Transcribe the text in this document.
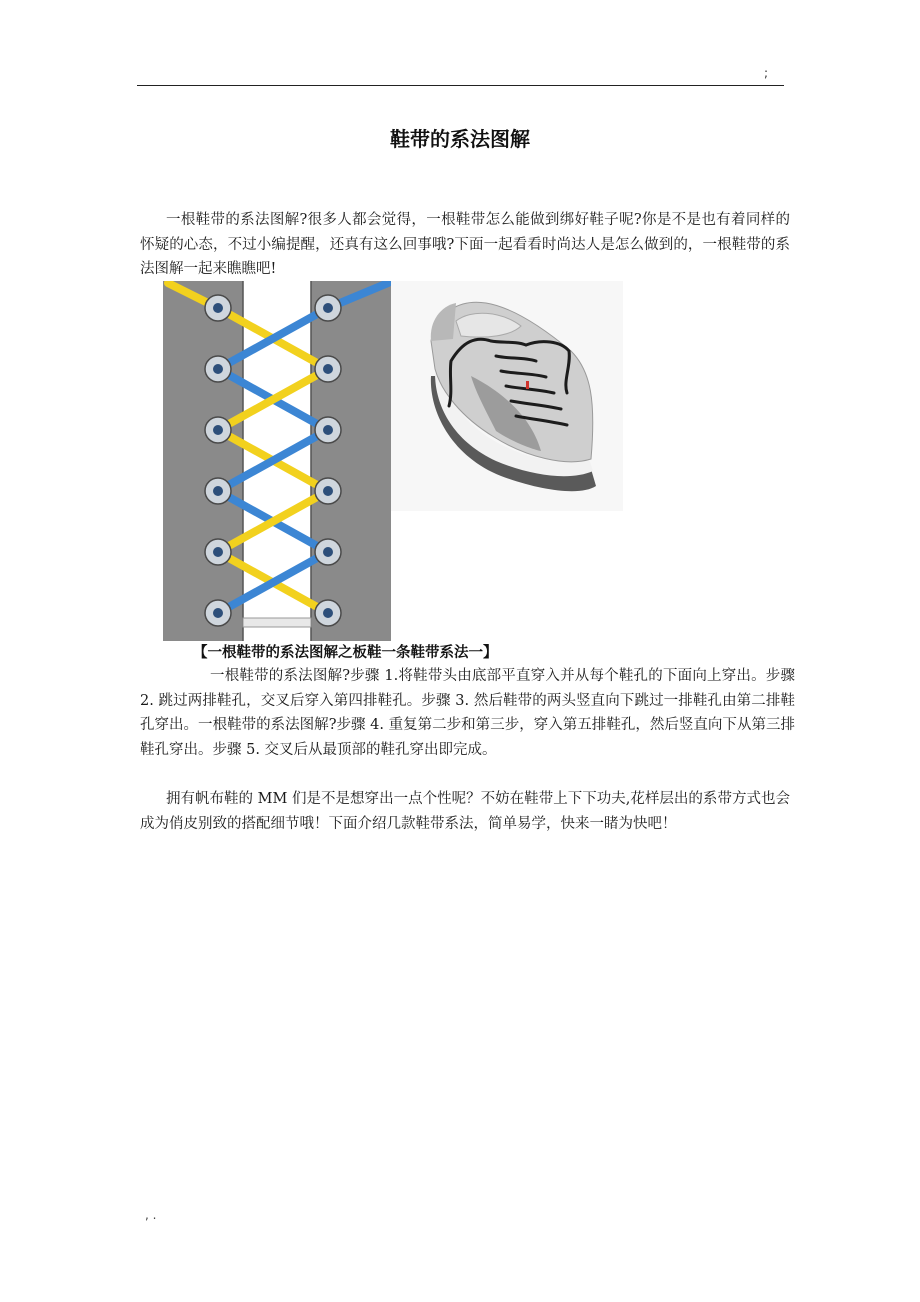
;
鞋带的系法图解
一根鞋带的系法图解?很多人都会觉得，一根鞋带怎么能做到绑好鞋子呢?你是不是也有着同样的怀疑的心态，不过小编提醒，还真有这么回事哦?下面一起看看时尚达人是怎么做到的，一根鞋带的系法图解一起来瞧瞧吧!
【一根鞋带的系法图解之板鞋一条鞋带系法一】
一根鞋带的系法图解?步骤 1.将鞋带头由底部平直穿入并从每个鞋孔的下面向上穿出。步骤 2. 跳过两排鞋孔，交叉后穿入第四排鞋孔。步骤 3. 然后鞋带的两头竖直向下跳过一排鞋孔由第二排鞋孔穿出。一根鞋带的系法图解?步骤 4. 重复第二步和第三步，穿入第五排鞋孔，然后竖直向下从第三排鞋孔穿出。步骤 5. 交叉后从最顶部的鞋孔穿出即完成。
拥有帆布鞋的 MM 们是不是想穿出一点个性呢？不妨在鞋带上下下功夫,花样层出的系带方式也会成为俏皮别致的搭配细节哦！下面介绍几款鞋带系法，简单易学，快来一睹为快吧！
, .
